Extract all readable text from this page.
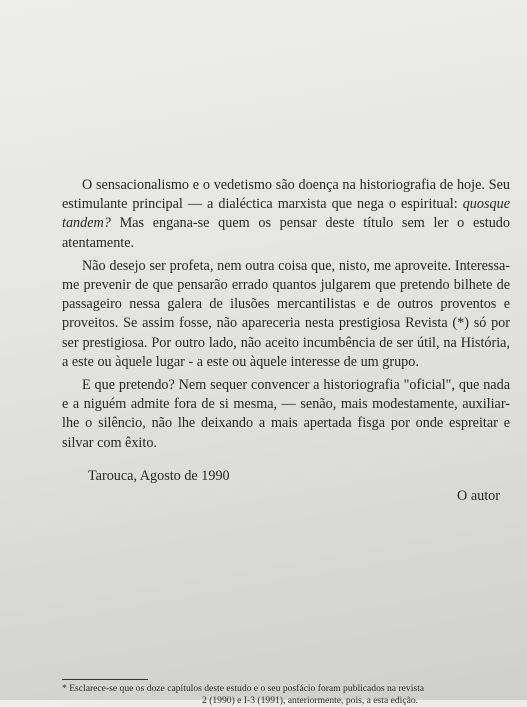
O sensacionalismo e o vedetismo são doença na historiografia de hoje. Seu estimulante principal — a dialéctica marxista que nega o espiritual: quosque tandem? Mas engana-se quem os pensar deste título sem ler o estudo atentamente.

Não desejo ser profeta, nem outra coisa que, nisto, me aproveite. Interessa-me prevenir de que pensarão errado quantos julgarem que pretendo bilhete de passageiro nessa galera de ilusões mercantilistas e de outros proventos e proveitos. Se assim fosse, não apareceria nesta prestigiosa Revista (*) só por ser prestigiosa. Por outro lado, não aceito incumbência de ser útil, na História, a este ou àquele lugar - a este ou àquele interesse de um grupo.

E que pretendo? Nem sequer convencer a historiografia "oficial", que nada e a niguém admite fora de si mesma, — senão, mais modestamente, auxiliar-lhe o silêncio, não lhe deixando a mais apertada fisga por onde espreitar e silvar com êxito.

Tarouca, Agosto de 1990
O autor
* Esclarece-se que os doze capítulos deste estudo e o seu posfácio foram publicados na revista
2 (1990) e I-3 (1991), anteriormente, pois, a esta edição.
